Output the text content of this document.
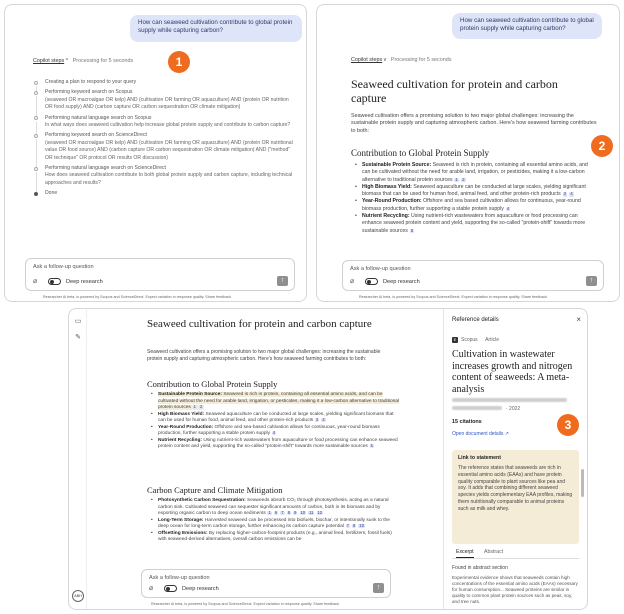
How can seaweed cultivation contribute to global protein supply while capturing carbon?
1
Copilot steps ^ Processing for 5 seconds
Creating a plan to respond to your query
Performing keyword search on Scopus
(seaweed OR macroalgae OR kelp) AND (cultivation OR farming OR aquaculture) AND (protein OR nutrition OR food supply) AND (carbon capture OR carbon sequestration OR climate mitigation)
Performing natural language search on Scopus
In what ways does seaweed cultivation help increase global protein supply and contribute to carbon capture?
Performing keyword search on ScienceDirect
(seaweed OR macroalgae OR kelp) AND (cultivation OR farming OR aquaculture) AND (protein OR nutritional value OR food source) AND (carbon capture OR carbon sequestration OR climate mitigation) AND ("method" OR technique" OR protocol OR results OR discussion)
Performing natural language search on ScienceDirect
How does seaweed cultivation contribute to both global protein supply and carbon capture, including technical approaches and results?
Done
Ask a follow-up question
⌀	Deep research	↑
Researcher Ai beta, is powered by Scopus and ScienceDirect. Expect variation in response quality. Share feedback
How can seaweed cultivation contribute to global protein supply while capturing carbon?
Copilot steps v Processing for 5 seconds
Seaweed cultivation for protein and carbon capture
Seaweed cultivation offers a promising solution to two major global challenges: increasing the sustainable protein supply and capturing atmospheric carbon. Here's how seaweed farming contributes to both:
Contribution to Global Protein Supply
• Sustainable Protein Source: Seaweed is rich in protein, containing all essential amino acids, and can be cultivated without the need for arable land, irrigation, or pesticides, making it a low-carbon alternative to traditional protein sources 1 2
• High Biomass Yield: Seaweed aquaculture can be conducted at large scales, yielding significant biomass that can be used for human food, animal feed, and other protein-rich products 3 4
• Year-Round Production: Offshore and sea based cultivation allows for continuous, year-round biomass production, further supporting a stable protein supply 4
• Nutrient Recycling: Using nutrient-rich wastewaters from aquaculture or food processing can enhance seaweed protein content and yield, supporting the so-called "protein-shift" towards more sustainable sources 5
2
Ask a follow-up question
⌀	Deep research	↑
Researcher Ai beta, is powered by Scopus and ScienceDirect. Expect variation in response quality. Share feedback
▭
✎
ABH
Seaweed cultivation for protein and carbon capture
Seaweed cultivation offers a promising solution to two major global challenges: increasing the sustainable protein supply and capturing atmospheric carbon. Here's how seaweed farming contributes to both:
Contribution to Global Protein Supply
• Sustainable Protein Source: Seaweed is rich in protein, containing all essential amino acids, and can be cultivated without the need for arable land, irrigation, or pesticides, making it a low-carbon alternative to traditional protein sources 1 2
• High Biomass Yield: Seaweed aquaculture can be conducted at large scales, yielding significant biomass that can be used for human food, animal feed, and other protein-rich products 3 4
• Year-Round Production: Offshore and sea-based cultivation allows for continuous, year-round biomass production, further supporting a stable protein supply 4
• Nutrient Recycling: Using nutrient-rich wastewaters from aquaculture or food processing can enhance seaweed protein content and yield, supporting the so-called "protein-shift" towards more sustainable sources 5
Carbon Capture and Climate Mitigation
• Photosynthetic Carbon Sequestration: Seaweeds absorb CO₂ through photosynthesis, acting as a natural carbon sink. Cultivated seaweed can sequester significant amounts of carbon, both in its biomass and by exporting organic carbon to deep ocean sediments 1 6 7 8 9 10 11 12
• Long-Term Storage: Harvested seaweed can be processed into biofuels, biochar, or intentionally sunk to the deep ocean for long-term carbon storage, further enhancing its carbon capture potential 7 8 10
• Offsetting Emissions: By replacing higher-carbon-footprint products (e.g., animal feed, fertilizers, fossil fuels) with seaweed-derived alternatives, overall carbon emissions can be
Ask a follow-up question
⌀	Deep research	↑
Researcher Ai beta, is powered by Scopus and ScienceDirect. Expect variation in response quality. Share feedback
Reference details	×
E Scopus Article
Cultivation in wastewater increases growth and nitrogen content of seaweeds: A meta-analysis
· 2022
15 citations
Open document details ↗
Link to statement
The reference states that seaweeds are rich in essential amino acids (EAAs) and have protein quality comparable to plant sources like pea and soy. It adds that combining different seaweed species yields complementary EAA profiles, making them nutritionally comparable to animal proteins such as milk and whey.
Excerpt Abstract
Found in abstract section
Experimental evidence shows that seaweeds contain high concentrations of the essential amino acids (EAAs) necessary for human consumption... Seaweed proteins are similar in quality to common plant protein sources such as peas, soy, and tree nuts.
3
